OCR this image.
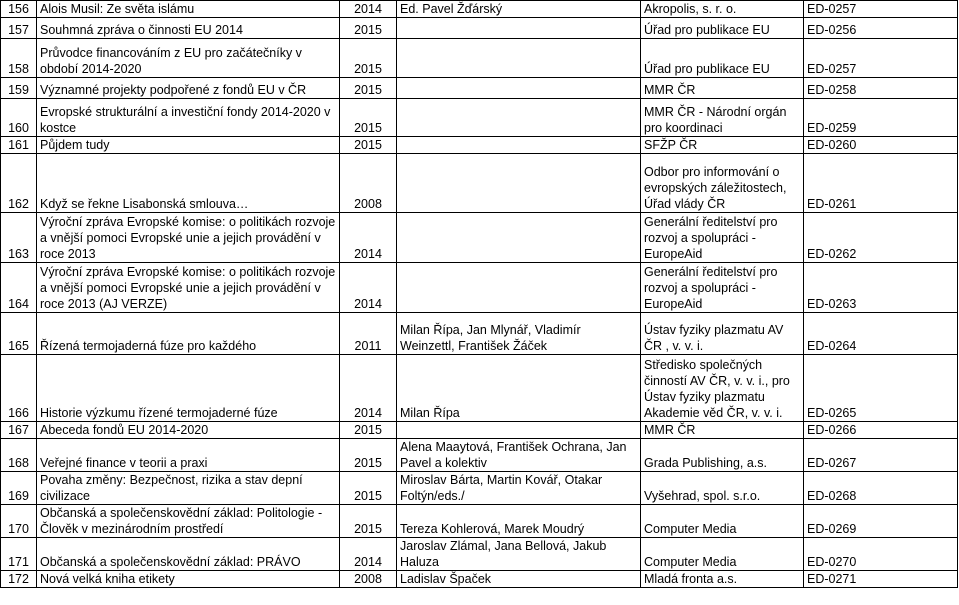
156	Alois Musil: Ze světa islámu	2014	Ed. Pavel Žďárský	Akropolis, s. r. o.	ED-0257
157	Souhmná zpráva o činnosti EU 2014	2015		Úřad pro publikace EU	ED-0256
158	Průvodce financováním z EU pro začátečníky v období 2014-2020	2015		Úřad pro publikace EU	ED-0257
159	Významné projekty podpořené z fondů EU v ČR	2015		MMR ČR	ED-0258
160	Evropské strukturální a investiční fondy 2014-2020 v kostce	2015		MMR ČR - Národní orgán pro koordinaci	ED-0259
161	Půjdem tudy	2015		SFŽP ČR	ED-0260
162	Když se řekne Lisabonská smlouva…	2008		Odbor pro informování o evropských záležitostech, Úřad vlády ČR	ED-0261
163	Výroční zpráva Evropské komise: o politikách rozvoje a vnější pomoci Evropské unie a jejich provádění v roce 2013	2014		Generální ředitelství pro rozvoj a spolupráci - EuropeAid	ED-0262
164	Výroční zpráva Evropské komise: o politikách rozvoje a vnější pomoci Evropské unie a jejich provádění v roce 2013 (AJ VERZE)	2014		Generální ředitelství pro rozvoj a spolupráci - EuropeAid	ED-0263
165	Řízená termojaderná fúze pro každého	2011	Milan Řípa, Jan Mlynář, Vladimír Weinzettl, František Žáček	Ústav fyziky plazmatu AV ČR , v. v. i.	ED-0264
166	Historie výzkumu řízené termojaderné fúze	2014	Milan Řípa	Středisko společných činností AV ČR, v. v. i., pro Ústav fyziky plazmatu Akademie věd ČR, v. v. i.	ED-0265
167	Abeceda fondů EU 2014-2020	2015		MMR ČR	ED-0266
168	Veřejné finance v teorii a praxi	2015	Alena Maaytová, František Ochrana, Jan Pavel a kolektiv	Grada Publishing, a.s.	ED-0267
169	Povaha změny: Bezpečnost, rizika a stav depní civilizace	2015	Miroslav Bárta, Martin Kovář, Otakar Foltýn/eds./	Vyšehrad, spol. s.r.o.	ED-0268
170	Občanská a společenskovědní základ: Politologie - Člověk v mezinárodním prostředí	2015	Tereza Kohlerová, Marek Moudrý	Computer Media	ED-0269
171	Občanská a společenskovědní základ: PRÁVO	2014	Jaroslav Zlámal, Jana Bellová, Jakub Haluza	Computer Media	ED-0270
172	Nová velká kniha etikety	2008	Ladislav Špaček	Mladá fronta a.s.	ED-0271
